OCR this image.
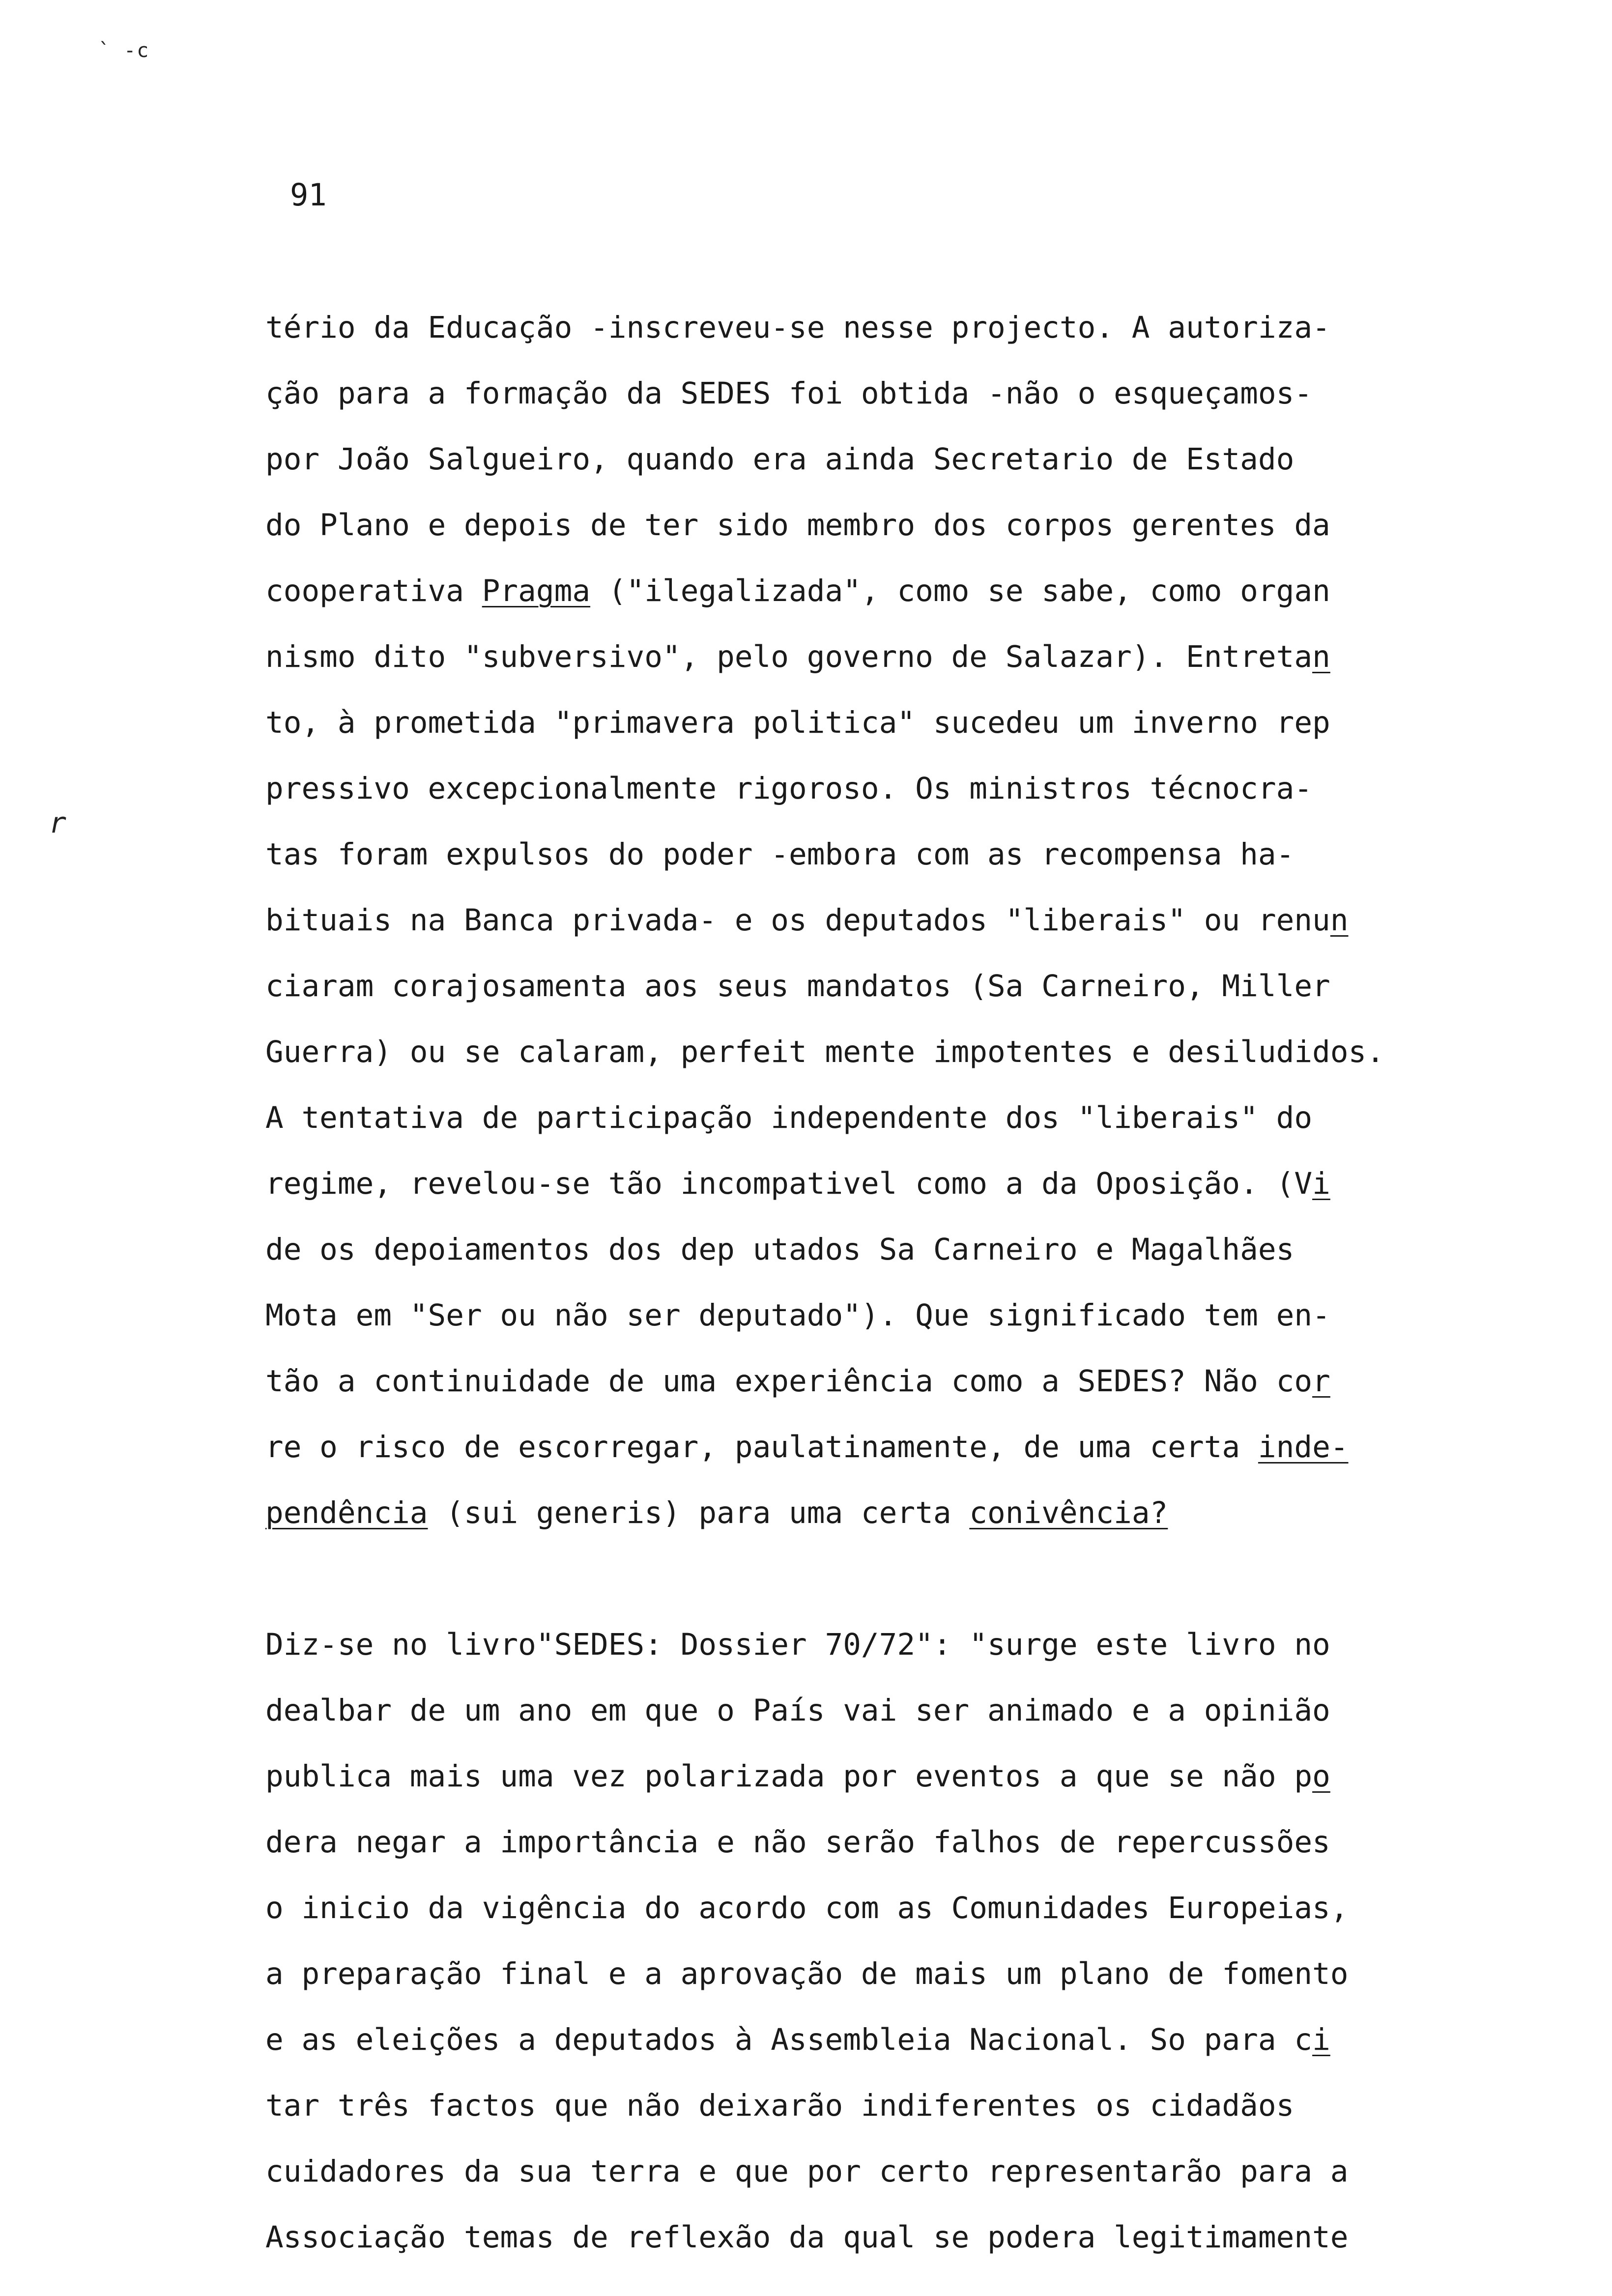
` -c
91
r
tério da Educação -inscreveu-se nesse projecto. A autoriza-
ção para a formação da SEDES foi obtida -não o esqueçamos-
por João Salgueiro, quando era ainda Secretario de Estado
do Plano e depois de ter sido membro dos corpos gerentes da
cooperativa Pragma ("ilegalizada", como se sabe, como organ
nismo dito "subversivo", pelo governo de Salazar). Entretan
to, à prometida "primavera politica" sucedeu um inverno rep
pressivo excepcionalmente rigoroso. Os ministros técnocra-
tas foram expulsos do poder -embora com as recompensa ha-
bituais na Banca privada- e os deputados "liberais" ou renun
ciaram corajosamenta aos seus mandatos (Sa Carneiro, Miller
Guerra) ou se calaram, perfeit mente impotentes e desiludidos.
A tentativa de participação independente dos "liberais" do
regime, revelou-se tão incompativel como a da Oposição. (Vi
de os depoiamentos dos dep utados Sa Carneiro e Magalhães
Mota em "Ser ou não ser deputado"). Que significado tem en-
tão a continuidade de uma experiência como a SEDES? Não cor
re o risco de escorregar, paulatinamente, de uma certa inde-
pendência (sui generis) para uma certa conivência?
Diz-se no livro"SEDES: Dossier 70/72": "surge este livro no
dealbar de um ano em que o País vai ser animado e a opinião
publica mais uma vez polarizada por eventos a que se não po
dera negar a importância e não serão falhos de repercussões
o inicio da vigência do acordo com as Comunidades Europeias,
a preparação final e a aprovação de mais um plano de fomento
e as eleições a deputados à Assembleia Nacional. So para ci
tar três factos que não deixarão indiferentes os cidadãos
cuidadores da sua terra e que por certo representarão para a
Associação temas de reflexão da qual se podera legitimamente
